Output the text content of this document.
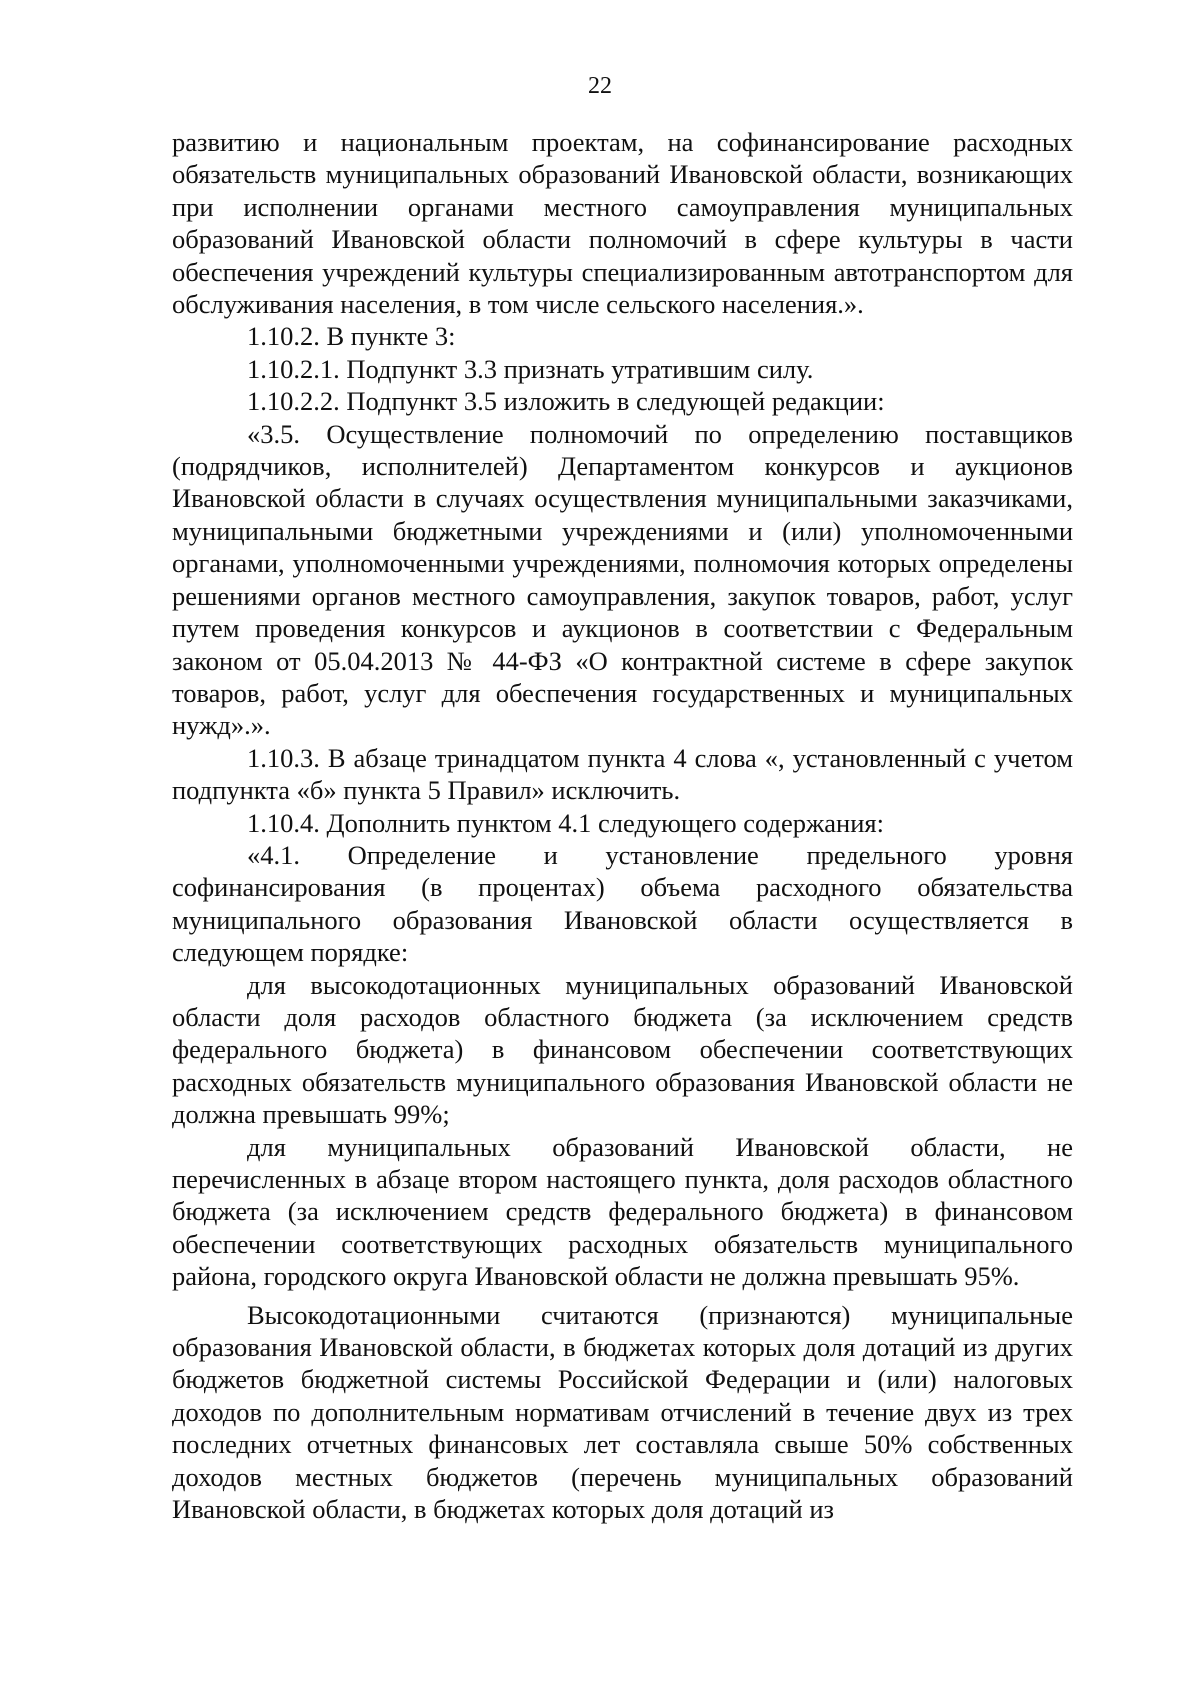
22

развитию и национальным проектам, на софинансирование расходных обязательств муниципальных образований Ивановской области, возникающих при исполнении органами местного самоуправления муниципальных образований Ивановской области полномочий в сфере культуры в части обеспечения учреждений культуры специализированным автотранспортом для обслуживания населения, в том числе сельского населения.».

1.10.2. В пункте 3:

1.10.2.1. Подпункт 3.3 признать утратившим силу.

1.10.2.2. Подпункт 3.5 изложить в следующей редакции:

«3.5. Осуществление полномочий по определению поставщиков (подрядчиков, исполнителей) Департаментом конкурсов и аукционов Ивановской области в случаях осуществления муниципальными заказчиками, муниципальными бюджетными учреждениями и (или) уполномоченными органами, уполномоченными учреждениями, полномочия которых определены решениями органов местного самоуправления, закупок товаров, работ, услуг путем проведения конкурсов и аукционов в соответствии с Федеральным законом от 05.04.2013 № 44-ФЗ «О контрактной системе в сфере закупок товаров, работ, услуг для обеспечения государственных и муниципальных нужд».».

1.10.3. В абзаце тринадцатом пункта 4 слова «, установленный с учетом подпункта «б» пункта 5 Правил» исключить.

1.10.4. Дополнить пунктом 4.1 следующего содержания:

«4.1. Определение и установление предельного уровня софинансирования (в процентах) объема расходного обязательства муниципального образования Ивановской области осуществляется в следующем порядке:

для высокодотационных муниципальных образований Ивановской области доля расходов областного бюджета (за исключением средств федерального бюджета) в финансовом обеспечении соответствующих расходных обязательств муниципального образования Ивановской области не должна превышать 99%;

для муниципальных образований Ивановской области, не перечисленных в абзаце втором настоящего пункта, доля расходов областного бюджета (за исключением средств федерального бюджета) в финансовом обеспечении соответствующих расходных обязательств муниципального района, городского округа Ивановской области не должна превышать 95%.

Высокодотационными считаются (признаются) муниципальные образования Ивановской области, в бюджетах которых доля дотаций из других бюджетов бюджетной системы Российской Федерации и (или) налоговых доходов по дополнительным нормативам отчислений в течение двух из трех последних отчетных финансовых лет составляла свыше 50% собственных доходов местных бюджетов (перечень муниципальных образований Ивановской области, в бюджетах которых доля дотаций из
